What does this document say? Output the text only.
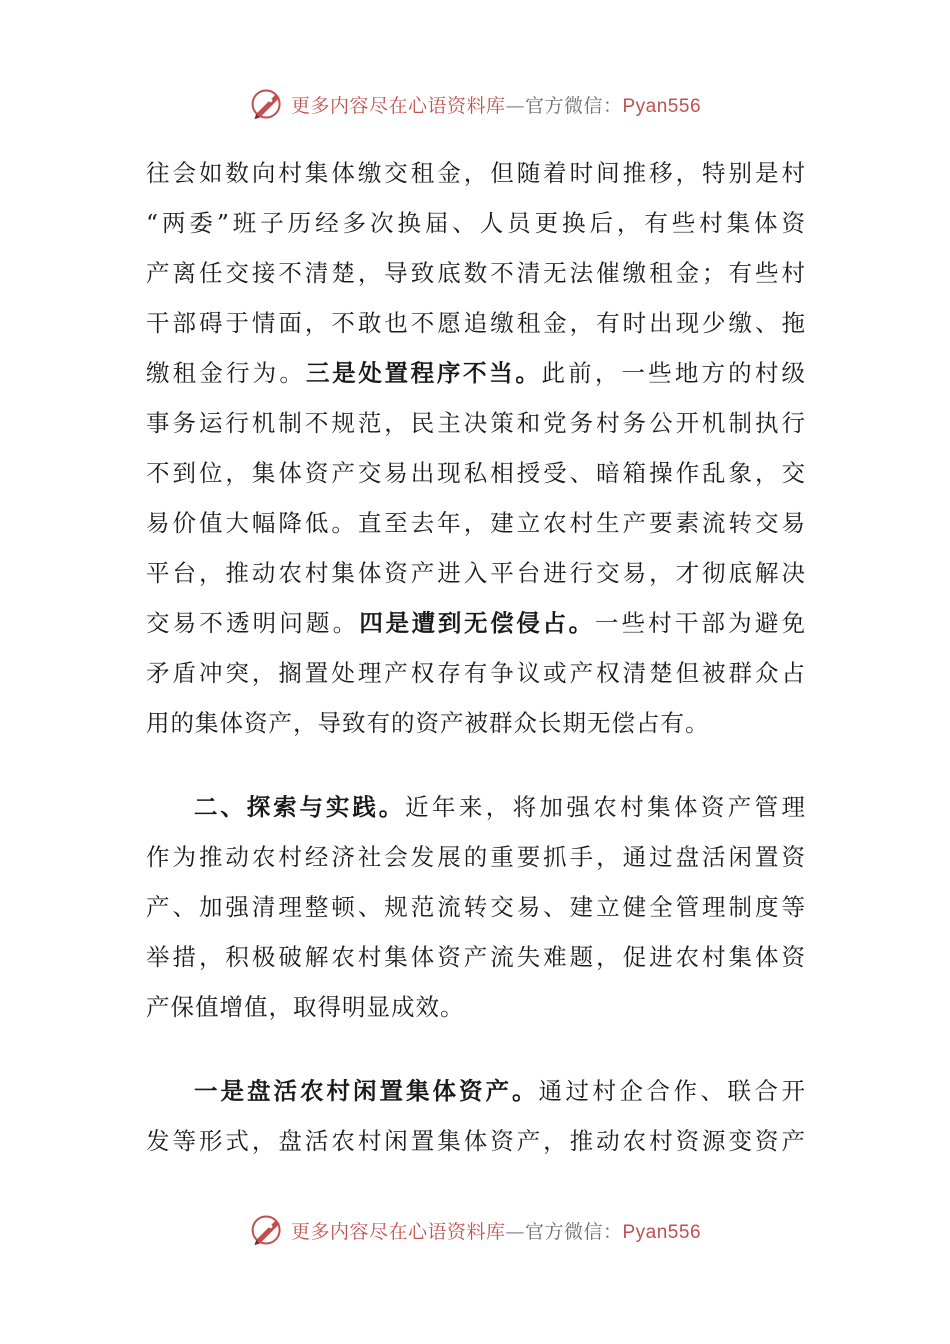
更多内容尽在心语资料库—官方微信：Pyan556
往会如数向村集体缴交租金，但随着时间推移，特别是村
“两委”班子历经多次换届、人员更换后，有些村集体资
产离任交接不清楚，导致底数不清无法催缴租金；有些村
干部碍于情面，不敢也不愿追缴租金，有时出现少缴、拖
缴租金行为。三是处置程序不当。此前，一些地方的村级
事务运行机制不规范，民主决策和党务村务公开机制执行
不到位，集体资产交易出现私相授受、暗箱操作乱象，交
易价值大幅降低。直至去年，建立农村生产要素流转交易
平台，推动农村集体资产进入平台进行交易，才彻底解决
交易不透明问题。四是遭到无偿侵占。一些村干部为避免
矛盾冲突，搁置处理产权存有争议或产权清楚但被群众占
用的集体资产，导致有的资产被群众长期无偿占有。
二、探索与实践。近年来，将加强农村集体资产管理
作为推动农村经济社会发展的重要抓手，通过盘活闲置资
产、加强清理整顿、规范流转交易、建立健全管理制度等
举措，积极破解农村集体资产流失难题，促进农村集体资
产保值增值，取得明显成效。
一是盘活农村闲置集体资产。通过村企合作、联合开
发等形式，盘活农村闲置集体资产，推动农村资源变资产
更多内容尽在心语资料库—官方微信：Pyan556
